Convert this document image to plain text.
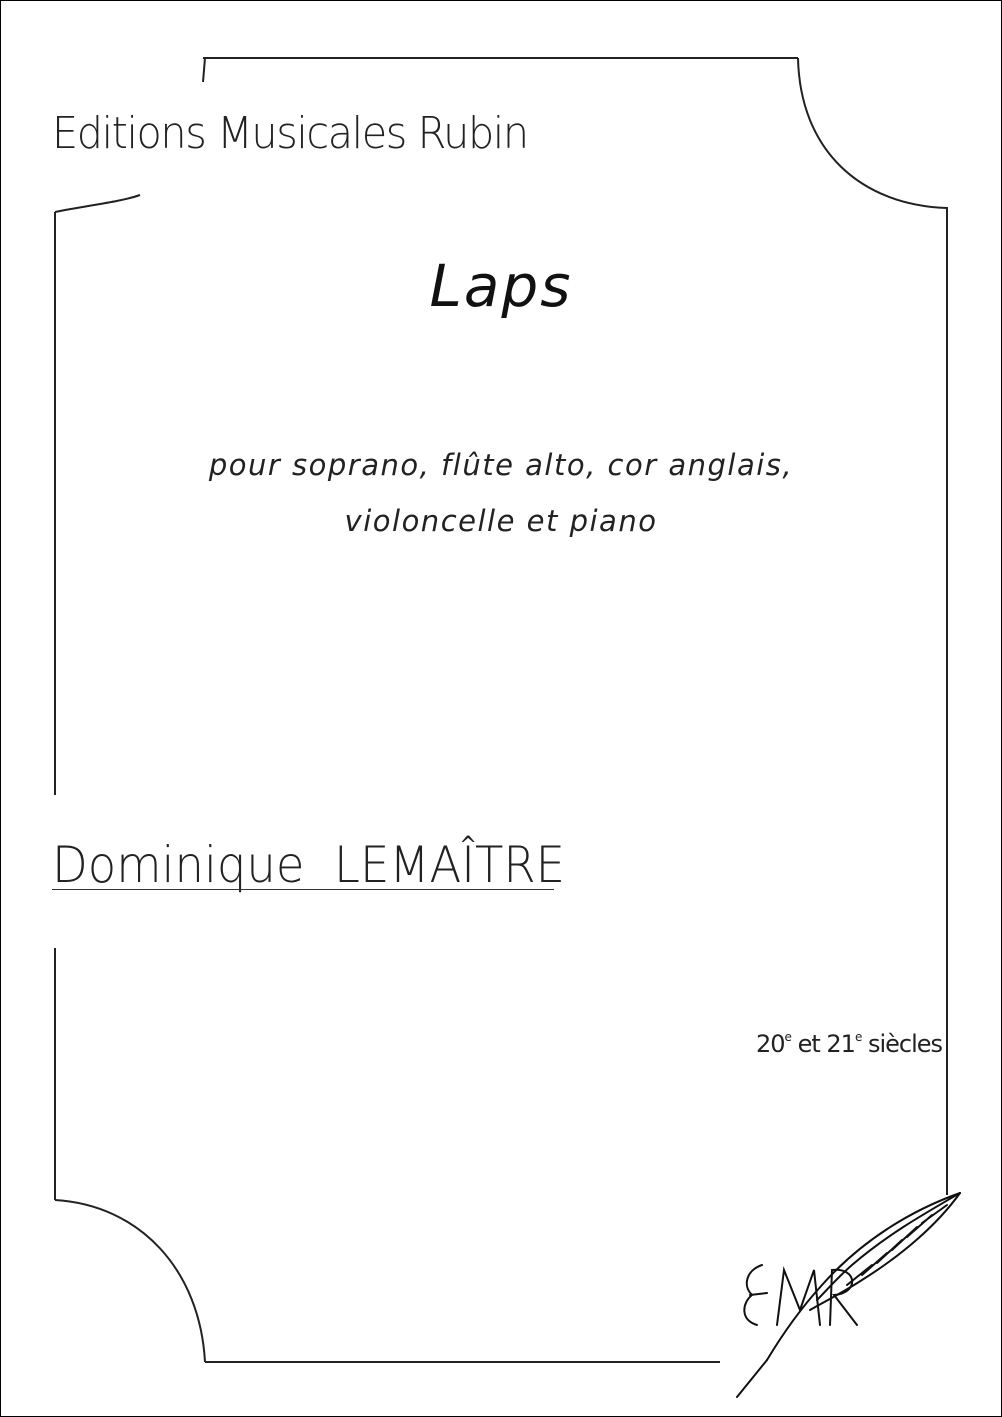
Editions Musicales Rubin
Laps
pour soprano, flûte alto, cor anglais,
violoncelle et piano
Dominique LEMAÎTRE
20e et 21e siècles
